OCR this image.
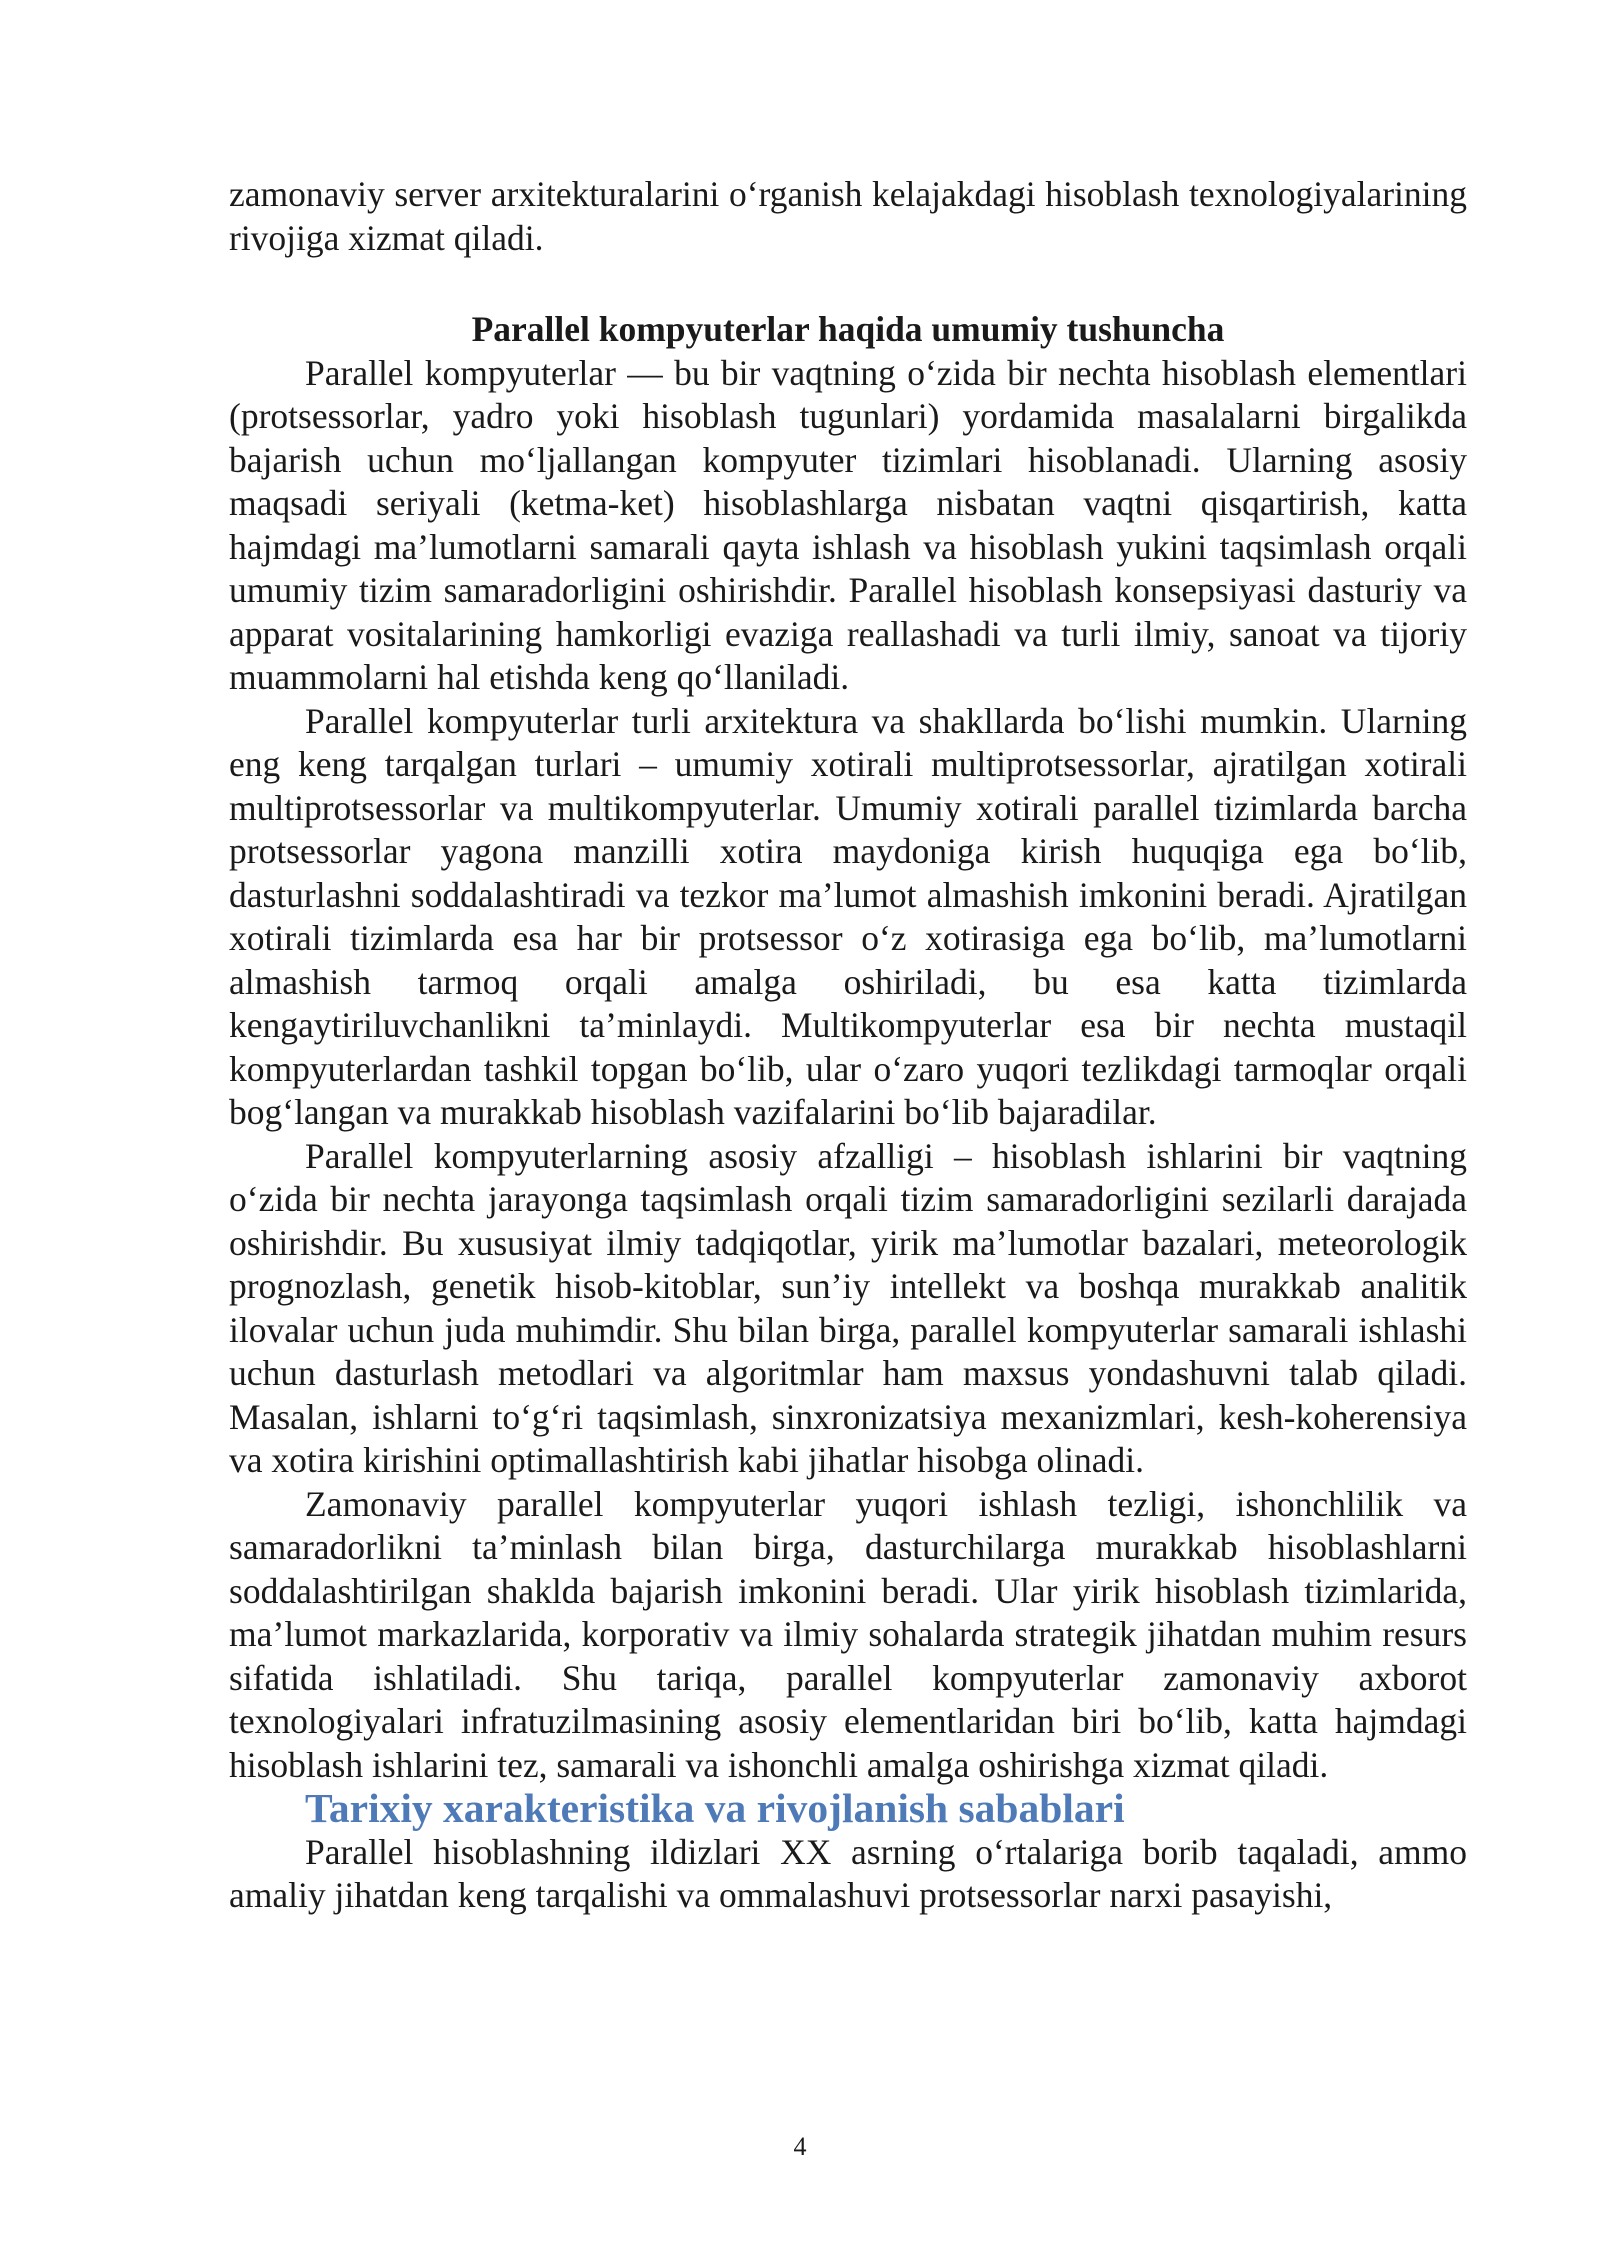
zamonaviy server arxitekturalarini o‘rganish kelajakdagi hisoblash texnologiyalarining rivojiga xizmat qiladi.

Parallel kompyuterlar haqida umumiy tushuncha

Parallel kompyuterlar — bu bir vaqtning o‘zida bir nechta hisoblash elementlari (protsessorlar, yadro yoki hisoblash tugunlari) yordamida masalalarni birgalikda bajarish uchun mo‘ljallangan kompyuter tizimlari hisoblanadi. Ularning asosiy maqsadi seriyali (ketma-ket) hisoblashlarga nisbatan vaqtni qisqartirish, katta hajmdagi ma’lumotlarni samarali qayta ishlash va hisoblash yukini taqsimlash orqali umumiy tizim samaradorligini oshirishdir. Parallel hisoblash konsepsiyasi dasturiy va apparat vositalarining hamkorligi evaziga reallashadi va turli ilmiy, sanoat va tijoriy muammolarni hal etishda keng qo‘llaniladi.

Parallel kompyuterlar turli arxitektura va shakllarda bo‘lishi mumkin. Ularning eng keng tarqalgan turlari – umumiy xotirali multiprotsessorlar, ajratilgan xotirali multiprotsessorlar va multikompyuterlar. Umumiy xotirali parallel tizimlarda barcha protsessorlar yagona manzilli xotira maydoniga kirish huquqiga ega bo‘lib, dasturlashni soddalashtiradi va tezkor ma’lumot almashish imkonini beradi. Ajratilgan xotirali tizimlarda esa har bir protsessor o‘z xotirasiga ega bo‘lib, ma’lumotlarni almashish tarmoq orqali amalga oshiriladi, bu esa katta tizimlarda kengaytiriluvchanlikni ta’minlaydi. Multikompyuterlar esa bir nechta mustaqil kompyuterlardan tashkil topgan bo‘lib, ular o‘zaro yuqori tezlikdagi tarmoqlar orqali bog‘langan va murakkab hisoblash vazifalarini bo‘lib bajaradilar.

Parallel kompyuterlarning asosiy afzalligi – hisoblash ishlarini bir vaqtning o‘zida bir nechta jarayonga taqsimlash orqali tizim samaradorligini sezilarli darajada oshirishdir. Bu xususiyat ilmiy tadqiqotlar, yirik ma’lumotlar bazalari, meteorologik prognozlash, genetik hisob-kitoblar, sun’iy intellekt va boshqa murakkab analitik ilovalar uchun juda muhimdir. Shu bilan birga, parallel kompyuterlar samarali ishlashi uchun dasturlash metodlari va algoritmlar ham maxsus yondashuvni talab qiladi. Masalan, ishlarni to‘g‘ri taqsimlash, sinxronizatsiya mexanizmlari, kesh-koherensiya va xotira kirishini optimallashtirish kabi jihatlar hisobga olinadi.

Zamonaviy parallel kompyuterlar yuqori ishlash tezligi, ishonchlilik va samaradorlikni ta’minlash bilan birga, dasturchilarga murakkab hisoblashlarni soddalashtirilgan shaklda bajarish imkonini beradi. Ular yirik hisoblash tizimlarida, ma’lumot markazlarida, korporativ va ilmiy sohalarda strategik jihatdan muhim resurs sifatida ishlatiladi. Shu tariqa, parallel kompyuterlar zamonaviy axborot texnologiyalari infratuzilmasining asosiy elementlaridan biri bo‘lib, katta hajmdagi hisoblash ishlarini tez, samarali va ishonchli amalga oshirishga xizmat qiladi.

Tarixiy xarakteristika va rivojlanish sabablari

Parallel hisoblashning ildizlari XX asrning o‘rtalariga borib taqaladi, ammo amaliy jihatdan keng tarqalishi va ommalashuvi protsessorlar narxi pasayishi,

4
